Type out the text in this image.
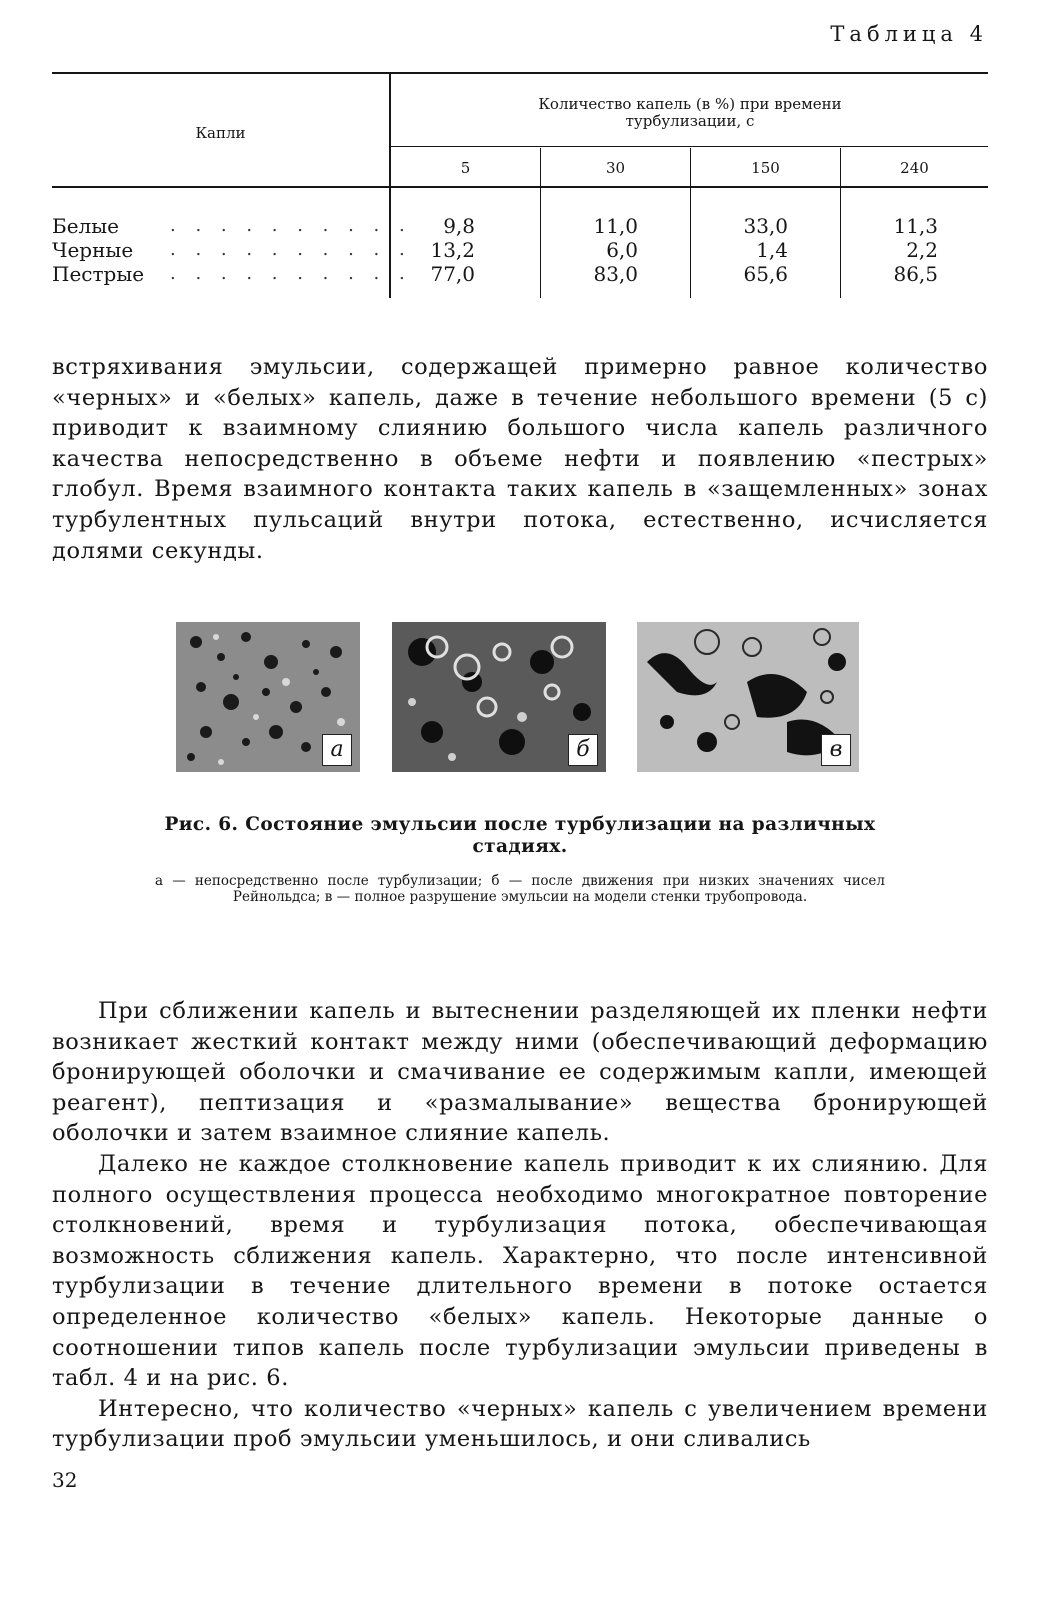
Таблица 4
Капли
Количество капель (в %) при времени турбулизации, с
5	30	150	240
Белые	. . . . . . . . . .	9,8	11,0	33,0	11,3
Черные . . . . . . . . . . 13,2	6,0	1,4	2,2
Пестрые . . . . . . . . . . 77,0	83,0	65,6	86,5

встряхивания эмульсии, содержащей примерно равное количество «черных» и «белых» капель, даже в течение небольшого времени (5 с) приводит к взаимному слиянию большого числа капель различного качества непосредственно в объеме нефти и появлению «пестрых» глобул. Время взаимного контакта таких капель в «защемленных» зонах турбулентных пульсаций внутри потока, естественно, исчисляется долями секунды.

а	б	в
Рис. 6. Состояние эмульсии после турбулизации на различных стадиях.
а — непосредственно после турбулизации; б — после движения при низких значениях чисел Рейнольдса; в — полное разрушение эмульсии на модели стенки трубопровода.

При сближении капель и вытеснении разделяющей их пленки нефти возникает жесткий контакт между ними (обеспечивающий деформацию бронирующей оболочки и смачивание ее содержимым капли, имеющей реагент), пептизация и «размалывание» вещества бронирующей оболочки и затем взаимное слияние капель.

Далеко не каждое столкновение капель приводит к их слиянию. Для полного осуществления процесса необходимо многократное повторение столкновений, время и турбулизация потока, обеспечивающая возможность сближения капель. Характерно, что после интенсивной турбулизации в течение длительного времени в потоке остается определенное количество «белых» капель. Некоторые данные о соотношении типов капель после турбулизации эмульсии приведены в табл. 4 и на рис. 6.

Интересно, что количество «черных» капель с увеличением времени турбулизации проб эмульсии уменьшилось, и они сливались

32
